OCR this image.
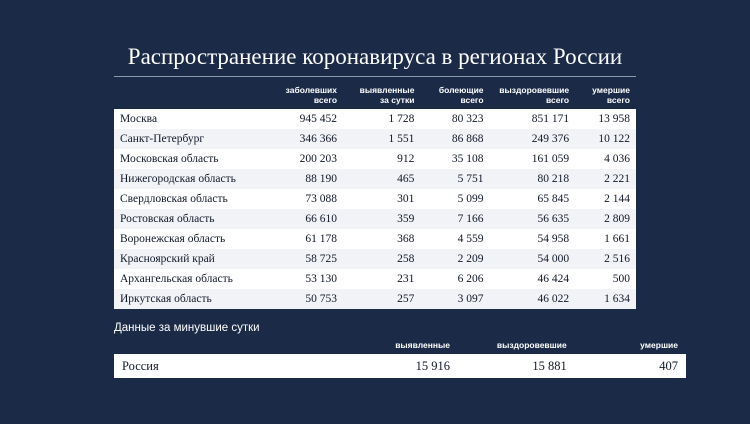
Распространение коронавируса в регионах России
	заболевших всего	выявленные за сутки	болеющие всего	выздоровевшие всего	умершие всего
Москва	945 452	1 728	80 323	851 171	13 958
Санкт-Петербург	346 366	1 551	86 868	249 376	10 122
Московская область	200 203	912	35 108	161 059	4 036
Нижегородская область	88 190	465	5 751	80 218	2 221
Свердловская область	73 088	301	5 099	65 845	2 144
Ростовская область	66 610	359	7 166	56 635	2 809
Воронежская область	61 178	368	4 559	54 958	1 661
Красноярский край	58 725	258	2 209	54 000	2 516
Архангельская область	53 130	231	6 206	46 424	500
Иркутская область	50 753	257	3 097	46 022	1 634
Данные за минувшие сутки
	выявленные	выздоровевшие	умершие
Россия	15 916	15 881	407
